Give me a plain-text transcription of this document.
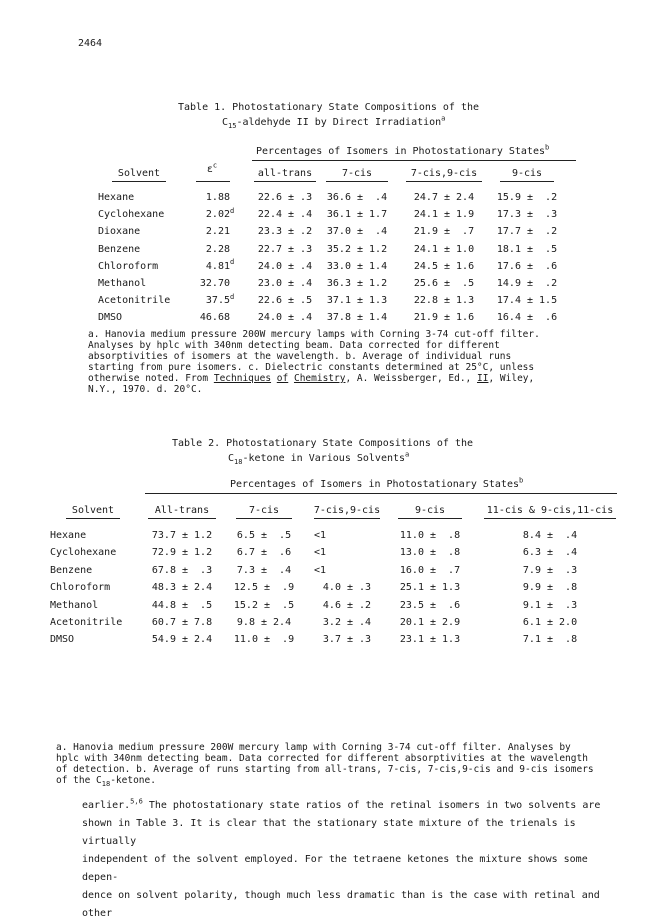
2464
Table 1. Photostationary State Compositions of the
$C_{15}$-aldehyde II by Direct Irradiation$^a$
Percentages of Isomers in Photostationary States$^b$
Solvent	$\varepsilon^c$
all-trans	7-cis	7-cis,9-cis	9-cis
Hexane	1.88	22.6 ± .3	36.6 ±  .4	24.7 ± 2.4	15.9 ±  .2
Cyclohexane	2.02$^d$	22.4 ± .4	36.1 ± 1.7	24.1 ± 1.9	17.3 ±  .3
Dioxane	2.21	23.3 ± .2	37.0 ±  .4	21.9 ±  .7	17.7 ±  .2
Benzene	2.28	22.7 ± .3	35.2 ± 1.2	24.1 ± 1.0	18.1 ±  .5
Chloroform	4.81$^d$	24.0 ± .4	33.0 ± 1.4	24.5 ± 1.6	17.6 ±  .6
Methanol	32.70	23.0 ± .4	36.3 ± 1.2	25.6 ±  .5	14.9 ±  .2
Acetonitrile	37.5$^d$	22.6 ± .5	37.1 ± 1.3	22.8 ± 1.3	17.4 ± 1.5
DMSO	46.68	24.0 ± .4	37.8 ± 1.4	21.9 ± 1.6	16.4 ±  .6

a. Hanovia medium pressure 200W mercury lamps with Corning 3-74 cut-off filter.

Analyses by hplc with 340nm detecting beam. Data corrected for different

absorptivities of isomers at the wavelength. b. Average of individual runs

starting from pure isomers. c. Dielectric constants determined at 25°C, unless

otherwise noted. From Techniques of Chemistry, A. Weissberger, Ed., II, Wiley,

N.Y., 1970. d. 20°C.

Table 2. Photostationary State Compositions of the
$C_{18}$-ketone in Various Solvents$^a$
Percentages of Isomers in Photostationary States$^b$
Solvent	All-trans	7-cis	7-cis,9-cis	9-cis	11-cis & 9-cis,11-cis
Hexane	73.7 ± 1.2	6.5 ±  .5	<1	11.0 ±  .8	8.4 ±  .4
Cyclohexane	72.9 ± 1.2	6.7 ±  .6	<1	13.0 ±  .8	6.3 ±  .4
Benzene	67.8 ±  .3	7.3 ±  .4	<1	16.0 ±  .7	7.9 ±  .3
Chloroform	48.3 ± 2.4	12.5 ±  .9	4.0 ± .3	25.1 ± 1.3	9.9 ±  .8
Methanol	44.8 ±  .5	15.2 ±  .5	4.6 ± .2	23.5 ±  .6	9.1 ±  .3
Acetonitrile	60.7 ± 7.8	9.8 ± 2.4	3.2 ± .4	20.1 ± 2.9	6.1 ± 2.0
DMSO	54.9 ± 2.4	11.0 ±  .9	3.7 ± .3	23.1 ± 1.3	7.1 ±  .8

a. Hanovia medium pressure 200W mercury lamp with Corning 3-74 cut-off filter. Analyses by

hplc with 340nm detecting beam. Data corrected for different absorptivities at the wavelength

of detection. b. Average of runs starting from all-trans, 7-cis, 7-cis,9-cis and 9-cis isomers

of the $C_{18}$-ketone.

earlier.$^{5,6}$ The photostationary state ratios of the retinal isomers in two solvents are

shown in Table 3. It is clear that the stationary state mixture of the trienals is virtually

independent of the solvent employed. For the tetraene ketones the mixture shows some depen-

dence on solvent polarity, though much less dramatic than is the case with retinal and other
